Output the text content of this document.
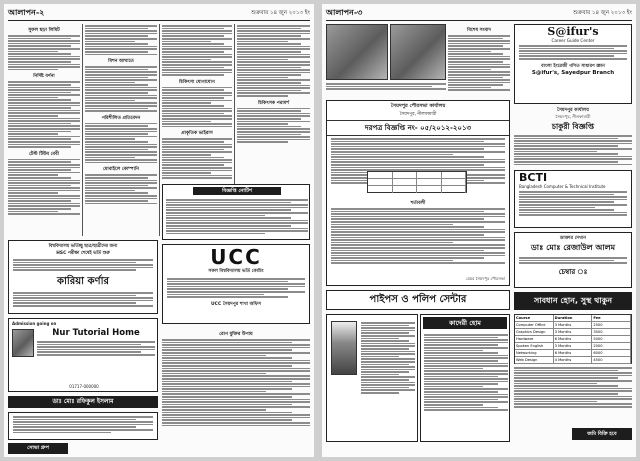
আলাপন-২	শুক্রবার ১৪ জুন ২০১৩ ইং
সুফল ছড়া লিমিট
নির্দিষ্ট বর্ণনা
টেস্ট টিউব বেবী
মিশন আঘাতে
পরিশীলিত প্রতিবেদন
মোবাইলে কোম্পানি
চিকিৎসা যোগাযোগ
প্রাকৃতিক ভাইরাস
চিকিৎসক পরামর্শ
বিজ্ঞপ্তি নোটিশ
UCC
সকল বিশ্ববিদ্যালয় ভর্তি কোচিং
UCC সৈয়দপুর শাখা অফিস
রোগ মুক্তির উপায়
বিশ্ববিদ্যালয় ভর্তিচ্ছু ছাত্র/ছাত্রীদের জন্য
HSC পরীক্ষা শেষেই ভর্তি শুরু
কারিয়া কর্ণার
Admission going on
Nur Tutorial Home
01717-000000
ডাঃ মোঃ রফিকুল ইসলাম
সোভা গ্রুপ
আলাপন-৩	শুক্রবার ১৪ জুন ২০১৩ ইং
বিশেষ সংবাদ
সৈয়দপুর পৌরসভা কার্যালয়
সৈয়দপুর, নীলফামারী
দরপত্র বিজ্ঞপ্তি নং- ০৫/২০১২-২০১৩
শর্তাবলী
মেয়র সৈয়দপুর পৌরসভা
পাইপস ও পলিপ সেন্টার
কাদেরী হোম
S@ifur's
Career Guide Center
বাংলা ইংরেজী গণিত সাধারণ জ্ঞান
S@ifur's, Sayedpur Branch
সৈয়দপুর কার্যালয়
সৈয়দপুর, নীলফামারী
চাকুরী বিজ্ঞপ্তি
BCTI
Bangladesh Computer & Technical Institute
ডাক্তার দেখান
ডাঃ মোঃ রেজাউল আলম
চেম্বার ঃ
সাবধান হোন, সুস্থ থাকুন
Course	Duration	Fee
Computer Office	3 Months	2500
Graphics Design	3 Months	3500
Hardware	6 Months	5000
Spoken English	3 Months	2000
Networking	6 Months	6000
Web Design	4 Months	4500
জমি বিক্রি হবে
